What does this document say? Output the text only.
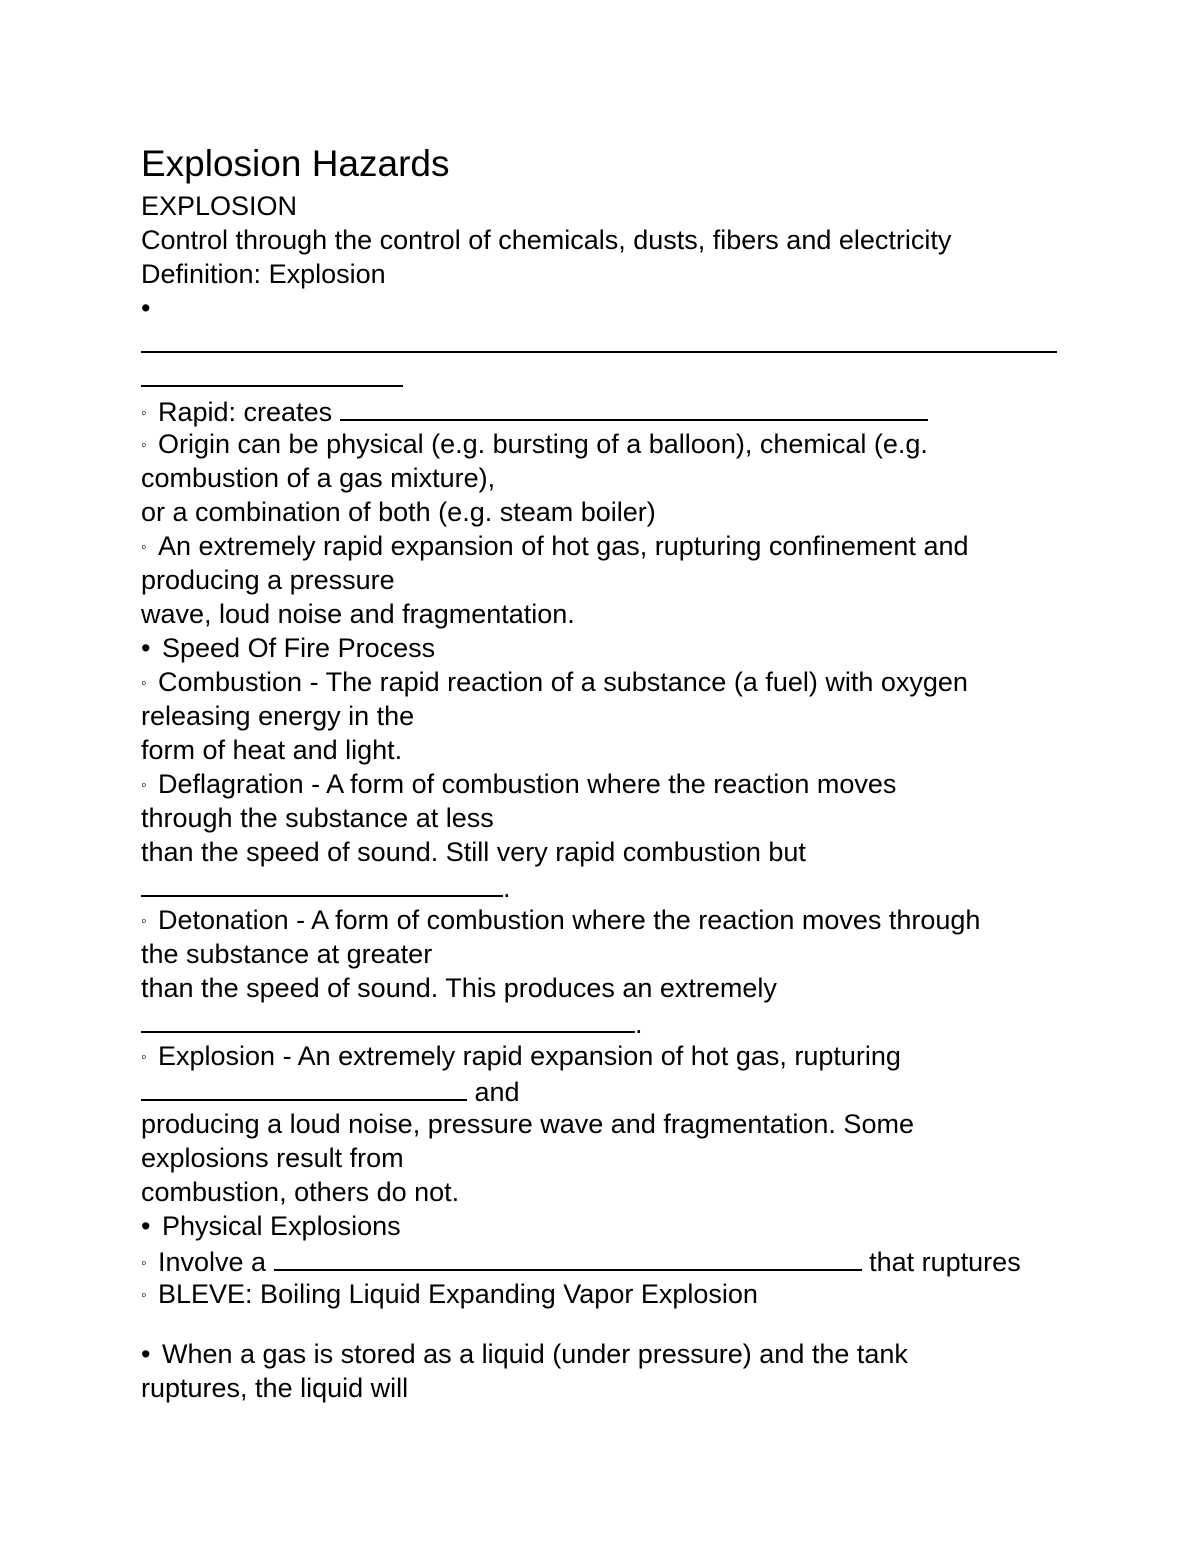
Explosion Hazards
EXPLOSION
Control through the control of chemicals, dusts, fibers and electricity
Definition: Explosion
•
◦ Rapid: creates
◦ Origin can be physical (e.g. bursting of a balloon), chemical (e.g.
combustion of a gas mixture),
or a combination of both (e.g. steam boiler)
◦ An extremely rapid expansion of hot gas, rupturing confinement and
producing a pressure
wave, loud noise and fragmentation.
• Speed Of Fire Process
◦ Combustion - The rapid reaction of a substance (a fuel) with oxygen
releasing energy in the
form of heat and light.
◦ Deflagration - A form of combustion where the reaction moves
through the substance at less
than the speed of sound. Still very rapid combustion but
.
◦ Detonation - A form of combustion where the reaction moves through
the substance at greater
than the speed of sound. This produces an extremely
.
◦ Explosion - An extremely rapid expansion of hot gas, rupturing
and
producing a loud noise, pressure wave and fragmentation. Some
explosions result from
combustion, others do not.
• Physical Explosions
◦ Involve a	that ruptures
◦ BLEVE: Boiling Liquid Expanding Vapor Explosion
• When a gas is stored as a liquid (under pressure) and the tank
ruptures, the liquid will
